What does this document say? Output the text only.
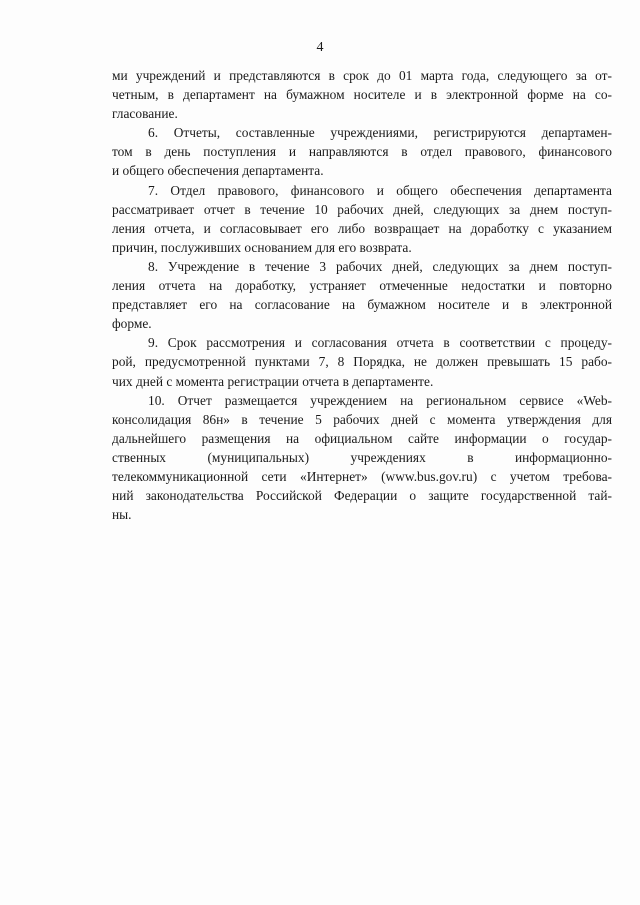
4
ми учреждений и представляются в срок до 01 марта года, следующего за от-
четным, в департамент на бумажном носителе и в электронной форме на со-
гласование.
6. Отчеты, составленные учреждениями, регистрируются департамен-
том в день поступления и направляются в отдел правового, финансового
и общего обеспечения департамента.
7. Отдел правового, финансового и общего обеспечения департамента
рассматривает отчет в течение 10 рабочих дней, следующих за днем поступ-
ления отчета, и согласовывает его либо возвращает на доработку с указанием
причин, послуживших основанием для его возврата.
8. Учреждение в течение 3 рабочих дней, следующих за днем поступ-
ления отчета на доработку, устраняет отмеченные недостатки и повторно
представляет его на согласование на бумажном носителе и в электронной
форме.
9. Срок рассмотрения и согласования отчета в соответствии с процеду-
рой, предусмотренной пунктами 7, 8 Порядка, не должен превышать 15 рабо-
чих дней с момента регистрации отчета в департаменте.
10. Отчет размещается учреждением на региональном сервисе «Web-
консолидация 86н» в течение 5 рабочих дней с момента утверждения для
дальнейшего размещения на официальном сайте информации о государ-
ственных (муниципальных) учреждениях в информационно-
телекоммуникационной сети «Интернет» (www.bus.gov.ru) с учетом требова-
ний законодательства Российской Федерации о защите государственной тай-
ны.
